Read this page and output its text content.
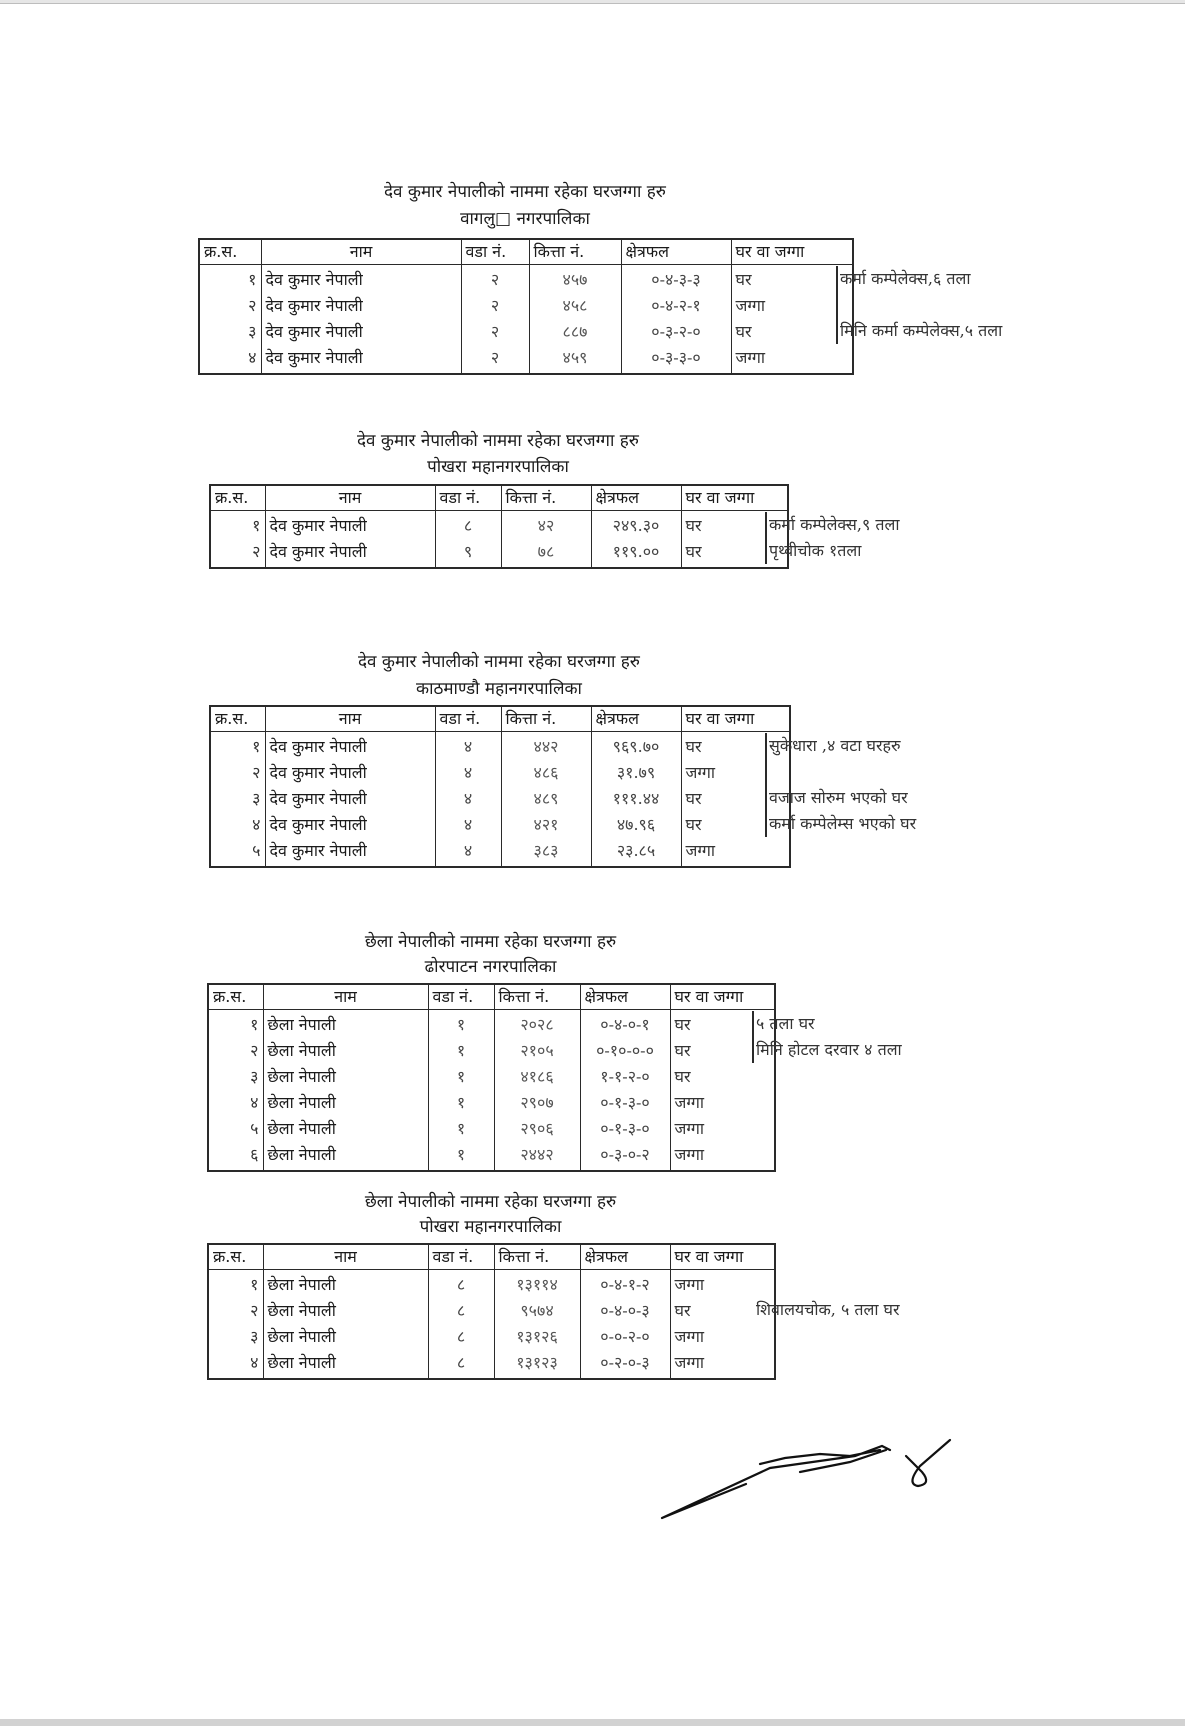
देव कुमार नेपालीको नाममा रहेका घरजग्गा हरु
वागलु□ नगरपालिका
क्र.स.	नाम	वडा नं.	कित्ता नं.	क्षेत्रफल	घर वा जग्गा
१	देव कुमार नेपाली	२	४५७	०-४-३-३	घर
२	देव कुमार नेपाली	२	४५८	०-४-२-१	जग्गा
३	देव कुमार नेपाली	२	८८७	०-३-२-०	घर
४	देव कुमार नेपाली	२	४५९	०-३-३-०	जग्गा
कर्मा कम्पेलेक्स,६ तला
मिनि कर्मा कम्पेलेक्स,५ तला
देव कुमार नेपालीको नाममा रहेका घरजग्गा हरु
पोखरा महानगरपालिका
क्र.स.	नाम	वडा नं.	कित्ता नं.	क्षेत्रफल	घर वा जग्गा
१	देव कुमार नेपाली	८	४२	२४९.३०	घर
२	देव कुमार नेपाली	९	७८	११९.००	घर
कर्मा कम्पेलेक्स,९ तला
पृथ्वीचोक १तला
देव कुमार नेपालीको नाममा रहेका घरजग्गा हरु
काठमाण्डौ महानगरपालिका
क्र.स.	नाम	वडा नं.	कित्ता नं.	क्षेत्रफल	घर वा जग्गा
१	देव कुमार नेपाली	४	४४२	९६९.७०	घर
२	देव कुमार नेपाली	४	४८६	३१.७९	जग्गा
३	देव कुमार नेपाली	४	४८९	१११.४४	घर
४	देव कुमार नेपाली	४	४२१	४७.९६	घर
५	देव कुमार नेपाली	४	३८३	२३.८५	जग्गा
सुकेधारा ,४ वटा घरहरु
वजाज सोरुम भएको घर
कर्मा कम्पेलेम्स भएको घर
छेला नेपालीको नाममा रहेका घरजग्गा हरु
ढोरपाटन नगरपालिका
क्र.स.	नाम	वडा नं.	कित्ता नं.	क्षेत्रफल	घर वा जग्गा
१	छेला नेपाली	१	२०२८	०-४-०-१	घर
२	छेला नेपाली	१	२१०५	०-१०-०-०	घर
३	छेला नेपाली	१	४१८६	१-१-२-०	घर
४	छेला नेपाली	१	२९०७	०-१-३-०	जग्गा
५	छेला नेपाली	१	२९०६	०-१-३-०	जग्गा
६	छेला नेपाली	१	२४४२	०-३-०-२	जग्गा
५ तला घर
मिनि होटल दरवार ४ तला
छेला नेपालीको नाममा रहेका घरजग्गा हरु
पोखरा महानगरपालिका
क्र.स.	नाम	वडा नं.	कित्ता नं.	क्षेत्रफल	घर वा जग्गा
१	छेला नेपाली	८	१३११४	०-४-१-२	जग्गा
२	छेला नेपाली	८	९५७४	०-४-०-३	घर
३	छेला नेपाली	८	१३१२६	०-०-२-०	जग्गा
४	छेला नेपाली	८	१३१२३	०-२-०-३	जग्गा
शिवालयचोक, ५ तला घर
